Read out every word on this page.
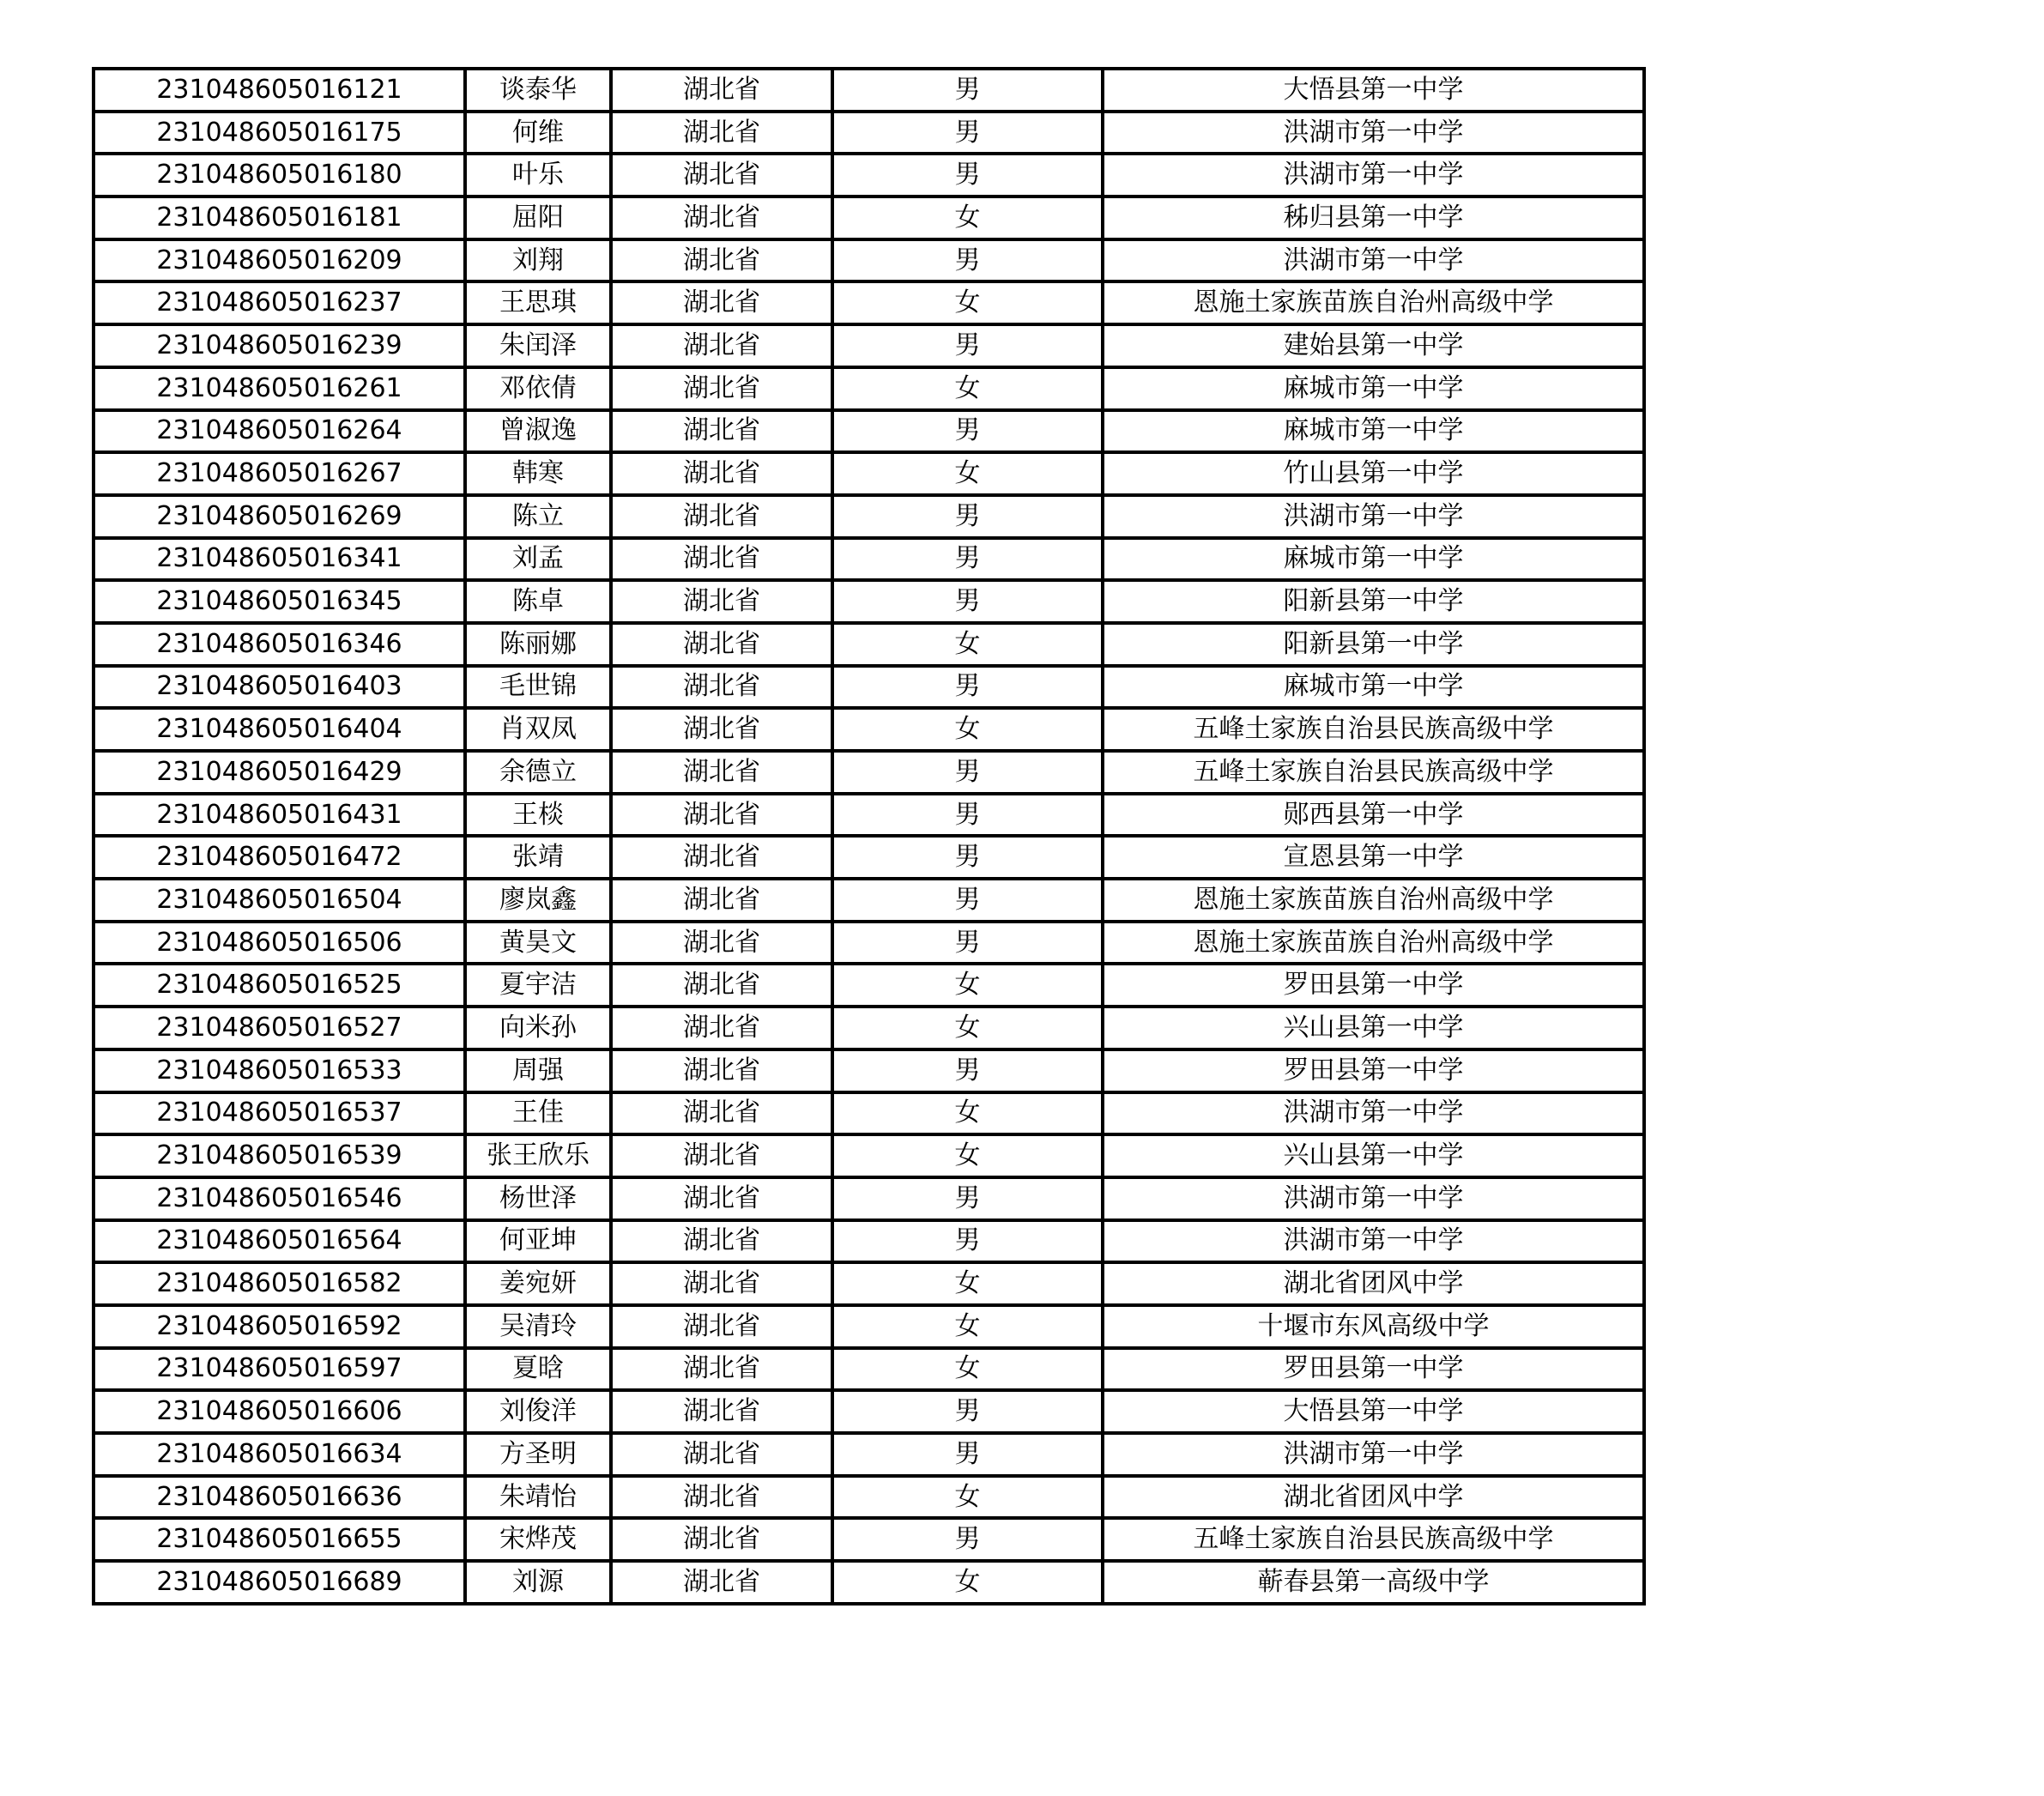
231048605016121	谈泰华	湖北省	男	大悟县第一中学
231048605016175	何维	湖北省	男	洪湖市第一中学
231048605016180	叶乐	湖北省	男	洪湖市第一中学
231048605016181	屈阳	湖北省	女	秭归县第一中学
231048605016209	刘翔	湖北省	男	洪湖市第一中学
231048605016237	王思琪	湖北省	女	恩施土家族苗族自治州高级中学
231048605016239	朱闰泽	湖北省	男	建始县第一中学
231048605016261	邓依倩	湖北省	女	麻城市第一中学
231048605016264	曾淑逸	湖北省	男	麻城市第一中学
231048605016267	韩寒	湖北省	女	竹山县第一中学
231048605016269	陈立	湖北省	男	洪湖市第一中学
231048605016341	刘孟	湖北省	男	麻城市第一中学
231048605016345	陈卓	湖北省	男	阳新县第一中学
231048605016346	陈丽娜	湖北省	女	阳新县第一中学
231048605016403	毛世锦	湖北省	男	麻城市第一中学
231048605016404	肖双凤	湖北省	女	五峰土家族自治县民族高级中学
231048605016429	余德立	湖北省	男	五峰土家族自治县民族高级中学
231048605016431	王棪	湖北省	男	郧西县第一中学
231048605016472	张靖	湖北省	男	宣恩县第一中学
231048605016504	廖岚鑫	湖北省	男	恩施土家族苗族自治州高级中学
231048605016506	黄昊文	湖北省	男	恩施土家族苗族自治州高级中学
231048605016525	夏宇洁	湖北省	女	罗田县第一中学
231048605016527	向米孙	湖北省	女	兴山县第一中学
231048605016533	周强	湖北省	男	罗田县第一中学
231048605016537	王佳	湖北省	女	洪湖市第一中学
231048605016539	张王欣乐	湖北省	女	兴山县第一中学
231048605016546	杨世泽	湖北省	男	洪湖市第一中学
231048605016564	何亚坤	湖北省	男	洪湖市第一中学
231048605016582	姜宛妍	湖北省	女	湖北省团风中学
231048605016592	吴清玲	湖北省	女	十堰市东风高级中学
231048605016597	夏晗	湖北省	女	罗田县第一中学
231048605016606	刘俊洋	湖北省	男	大悟县第一中学
231048605016634	方圣明	湖北省	男	洪湖市第一中学
231048605016636	朱靖怡	湖北省	女	湖北省团风中学
231048605016655	宋烨茂	湖北省	男	五峰土家族自治县民族高级中学
231048605016689	刘源	湖北省	女	蕲春县第一高级中学
